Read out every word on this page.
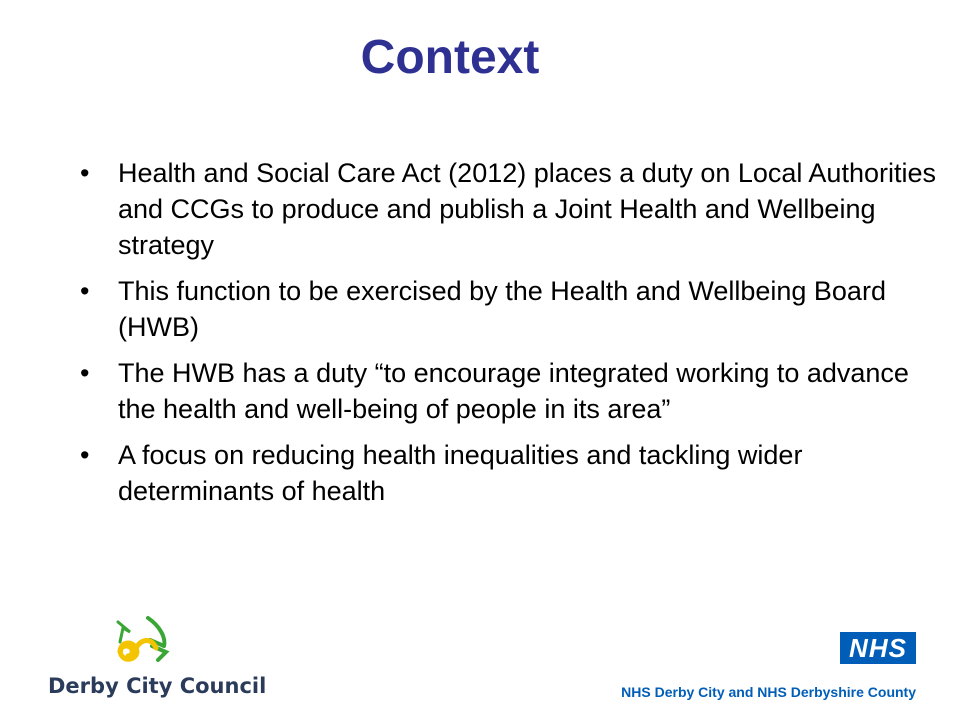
Context
•	Health and Social Care Act (2012) places a duty on Local Authorities and CCGs to produce and publish a Joint Health and Wellbeing strategy
•	This function to be exercised by the Health and Wellbeing Board (HWB)
•	The HWB has a duty “to encourage integrated working to advance the health and well-being of people in its area”
•	A focus on reducing health inequalities and tackling wider determinants of health
Derby City Council
NHS
NHS Derby City and NHS Derbyshire County
